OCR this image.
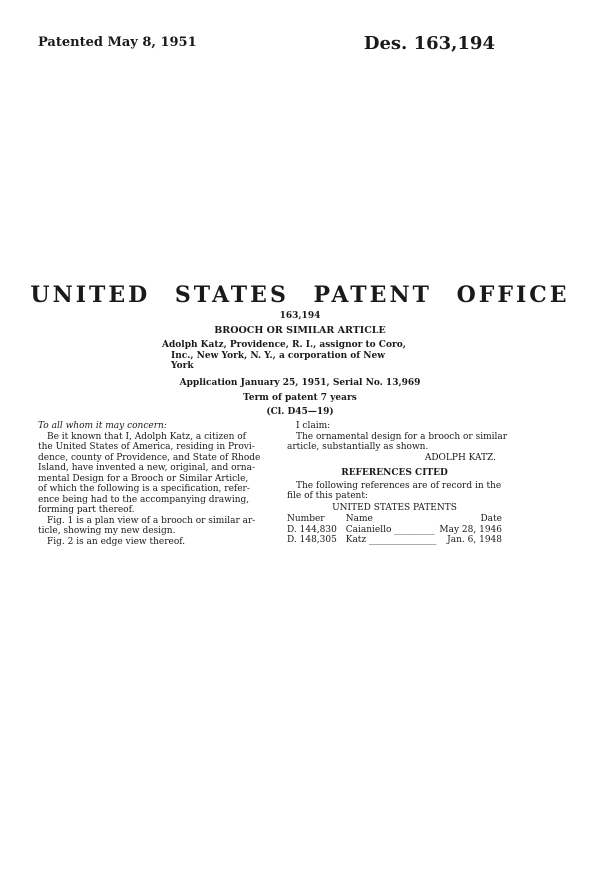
Patented May 8, 1951	Des. 163,194
UNITED STATES PATENT OFFICE
163,194
BROOCH OR SIMILAR ARTICLE
Adolph Katz, Providence, R. I., assignor to Coro,
Inc., New York, N. Y., a corporation of New
York
Application January 25, 1951, Serial No. 13,969
Term of patent 7 years
(Cl. D45—19)
To all whom it may concern:
Be it known that I, Adolph Katz, a citizen of
the United States of America, residing in Provi-
dence, county of Providence, and State of Rhode
Island, have invented a new, original, and orna-
mental Design for a Brooch or Similar Article,
of which the following is a specification, refer-
ence being had to the accompanying drawing,
forming part thereof.
Fig. 1 is a plan view of a brooch or similar ar-
ticle, showing my new design.
Fig. 2 is an edge view thereof.
I claim:
The ornamental design for a brooch or similar
article, substantially as shown.
ADOLPH KATZ.
REFERENCES CITED
The following references are of record in the
file of this patent:
UNITED STATES PATENTS
Number	Name	Date
D. 144,830	Caianiello _________	May 28, 1946
D. 148,305	Katz _______________	Jan. 6, 1948
